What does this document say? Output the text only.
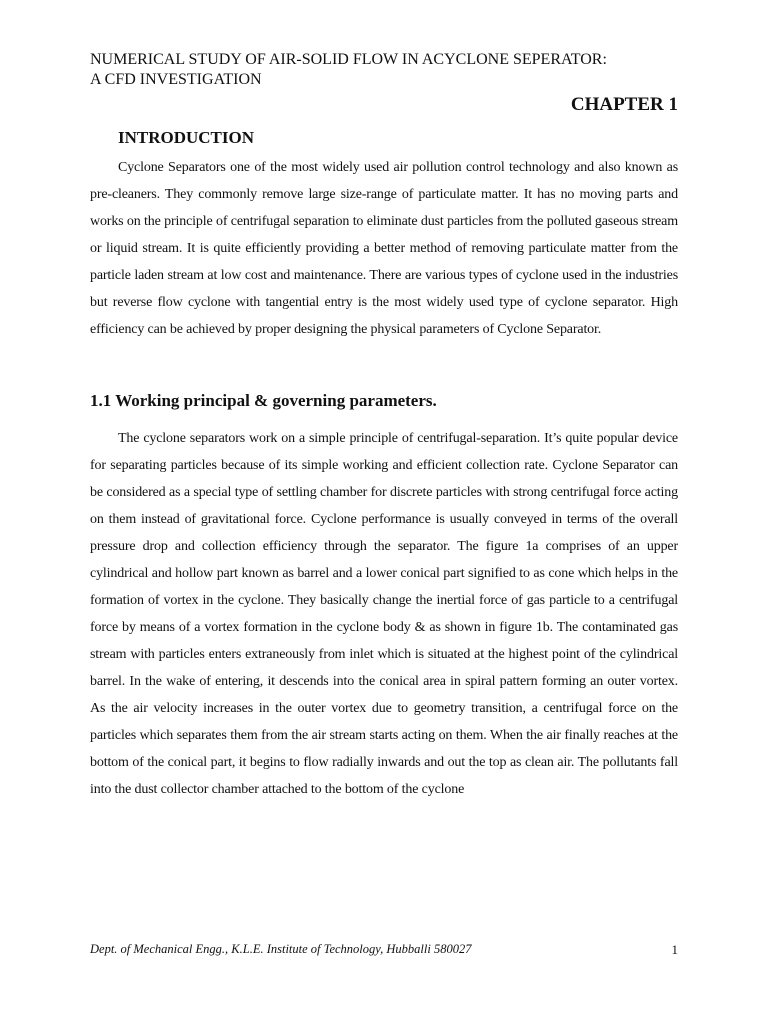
NUMERICAL STUDY OF AIR-SOLID FLOW IN ACYCLONE SEPERATOR:
A CFD INVESTIGATION
CHAPTER 1
INTRODUCTION

Cyclone Separators one of the most widely used air pollution control technology and also known as pre-cleaners. They commonly remove large size-range of particulate matter. It has no moving parts and works on the principle of centrifugal separation to eliminate dust particles from the polluted gaseous stream or liquid stream. It is quite efficiently providing a better method of removing particulate matter from the particle laden stream at low cost and maintenance. There are various types of cyclone used in the industries but reverse flow cyclone with tangential entry is the most widely used type of cyclone separator. High efficiency can be achieved by proper designing the physical parameters of Cyclone Separator.

1.1 Working principal & governing parameters.

The cyclone separators work on a simple principle of centrifugal-separation. It’s quite popular device for separating particles because of its simple working and efficient collection rate. Cyclone Separator can be considered as a special type of settling chamber for discrete particles with strong centrifugal force acting on them instead of gravitational force. Cyclone performance is usually conveyed in terms of the overall pressure drop and collection efficiency through the separator. The figure 1a comprises of an upper cylindrical and hollow part known as barrel and a lower conical part signified to as cone which helps in the formation of vortex in the cyclone. They basically change the inertial force of gas particle to a centrifugal force by means of a vortex formation in the cyclone body & as shown in figure 1b. The contaminated gas stream with particles enters extraneously from inlet which is situated at the highest point of the cylindrical barrel. In the wake of entering, it descends into the conical area in spiral pattern forming an outer vortex. As the air velocity increases in the outer vortex due to geometry transition, a centrifugal force on the particles which separates them from the air stream starts acting on them. When the air finally reaches at the bottom of the conical part, it begins to flow radially inwards and out the top as clean air. The pollutants fall into the dust collector chamber attached to the bottom of the cyclone

Dept. of Mechanical Engg., K.L.E. Institute of Technology, Hubballi 580027	1
